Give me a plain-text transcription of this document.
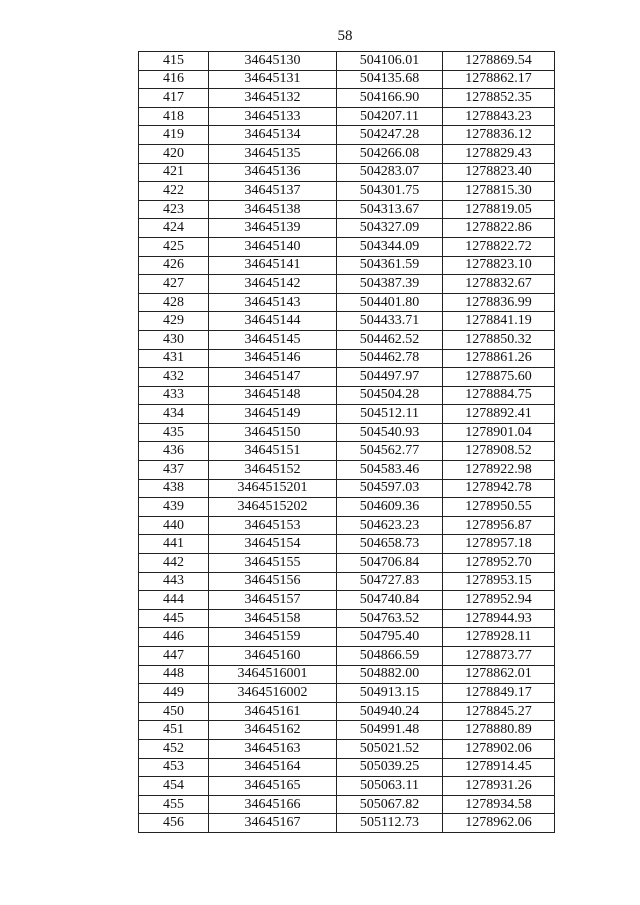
58
415	34645130	504106.01	1278869.54
416	34645131	504135.68	1278862.17
417	34645132	504166.90	1278852.35
418	34645133	504207.11	1278843.23
419	34645134	504247.28	1278836.12
420	34645135	504266.08	1278829.43
421	34645136	504283.07	1278823.40
422	34645137	504301.75	1278815.30
423	34645138	504313.67	1278819.05
424	34645139	504327.09	1278822.86
425	34645140	504344.09	1278822.72
426	34645141	504361.59	1278823.10
427	34645142	504387.39	1278832.67
428	34645143	504401.80	1278836.99
429	34645144	504433.71	1278841.19
430	34645145	504462.52	1278850.32
431	34645146	504462.78	1278861.26
432	34645147	504497.97	1278875.60
433	34645148	504504.28	1278884.75
434	34645149	504512.11	1278892.41
435	34645150	504540.93	1278901.04
436	34645151	504562.77	1278908.52
437	34645152	504583.46	1278922.98
438	3464515201	504597.03	1278942.78
439	3464515202	504609.36	1278950.55
440	34645153	504623.23	1278956.87
441	34645154	504658.73	1278957.18
442	34645155	504706.84	1278952.70
443	34645156	504727.83	1278953.15
444	34645157	504740.84	1278952.94
445	34645158	504763.52	1278944.93
446	34645159	504795.40	1278928.11
447	34645160	504866.59	1278873.77
448	3464516001	504882.00	1278862.01
449	3464516002	504913.15	1278849.17
450	34645161	504940.24	1278845.27
451	34645162	504991.48	1278880.89
452	34645163	505021.52	1278902.06
453	34645164	505039.25	1278914.45
454	34645165	505063.11	1278931.26
455	34645166	505067.82	1278934.58
456	34645167	505112.73	1278962.06
